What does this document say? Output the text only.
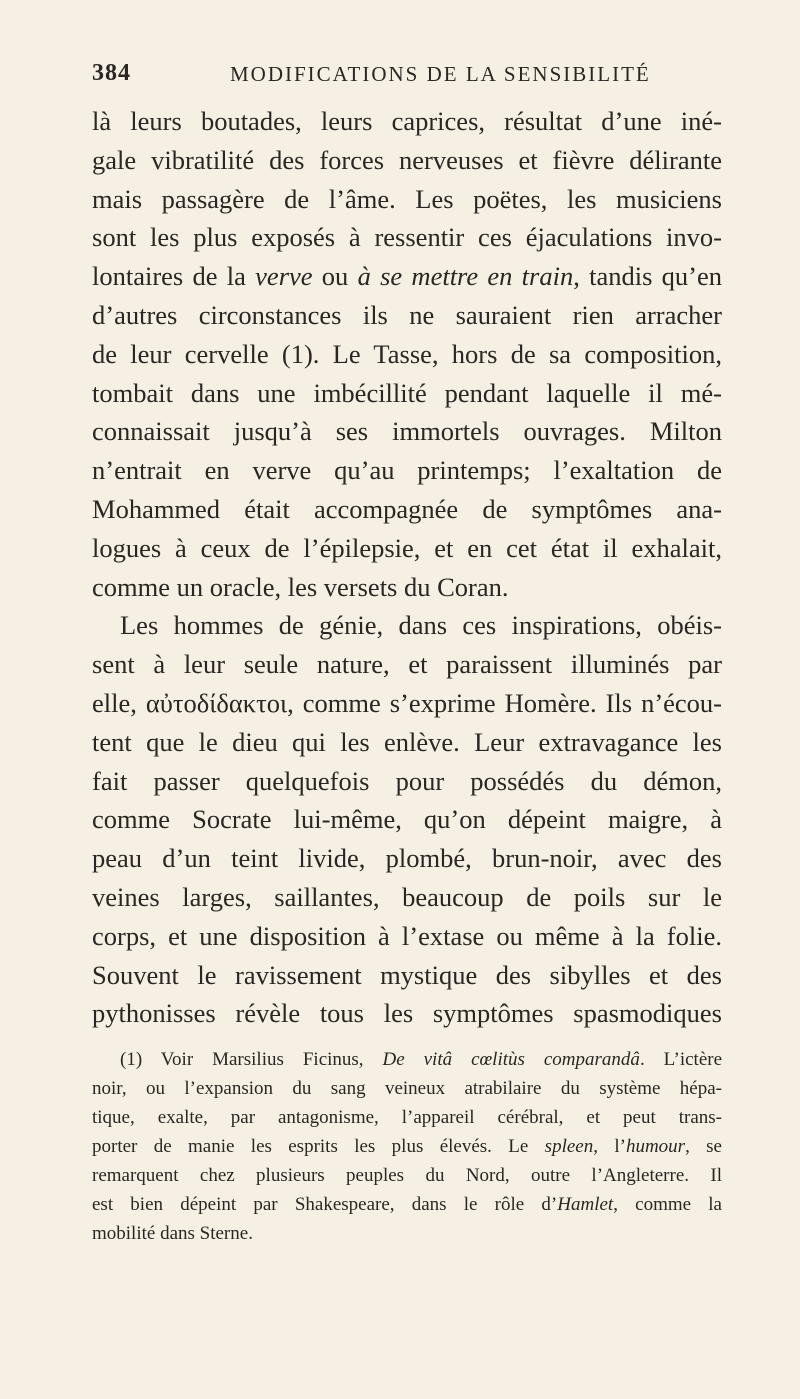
384	MODIFICATIONS DE LA SENSIBILITÉ
là leurs boutades, leurs caprices, résultat d’une iné-
gale vibratilité des forces nerveuses et fièvre délirante
mais passagère de l’âme. Les poëtes, les musiciens
sont les plus exposés à ressentir ces éjaculations invo-
lontaires de la verve ou à se mettre en train, tandis qu’en
d’autres circonstances ils ne sauraient rien arracher
de leur cervelle (1). Le Tasse, hors de sa composition,
tombait dans une imbécillité pendant laquelle il mé-
connaissait jusqu’à ses immortels ouvrages. Milton
n’entrait en verve qu’au printemps; l’exaltation de
Mohammed était accompagnée de symptômes ana-
logues à ceux de l’épilepsie, et en cet état il exhalait,
comme un oracle, les versets du Coran.
Les hommes de génie, dans ces inspirations, obéis-
sent à leur seule nature, et paraissent illuminés par
elle, αὐτοδίδακτοι, comme s’exprime Homère. Ils n’écou-
tent que le dieu qui les enlève. Leur extravagance les
fait passer quelquefois pour possédés du démon,
comme Socrate lui-même, qu’on dépeint maigre, à
peau d’un teint livide, plombé, brun-noir, avec des
veines larges, saillantes, beaucoup de poils sur le
corps, et une disposition à l’extase ou même à la folie.
Souvent le ravissement mystique des sibylles et des
pythonisses révèle tous les symptômes spasmodiques
(1) Voir Marsilius Ficinus, De vitâ cœlitùs comparandâ. L’ictère
noir, ou l’expansion du sang veineux atrabilaire du système hépa-
tique, exalte, par antagonisme, l’appareil cérébral, et peut trans-
porter de manie les esprits les plus élevés. Le spleen, l’humour, se
remarquent chez plusieurs peuples du Nord, outre l’Angleterre. Il
est bien dépeint par Shakespeare, dans le rôle d’Hamlet, comme la
mobilité dans Sterne.
